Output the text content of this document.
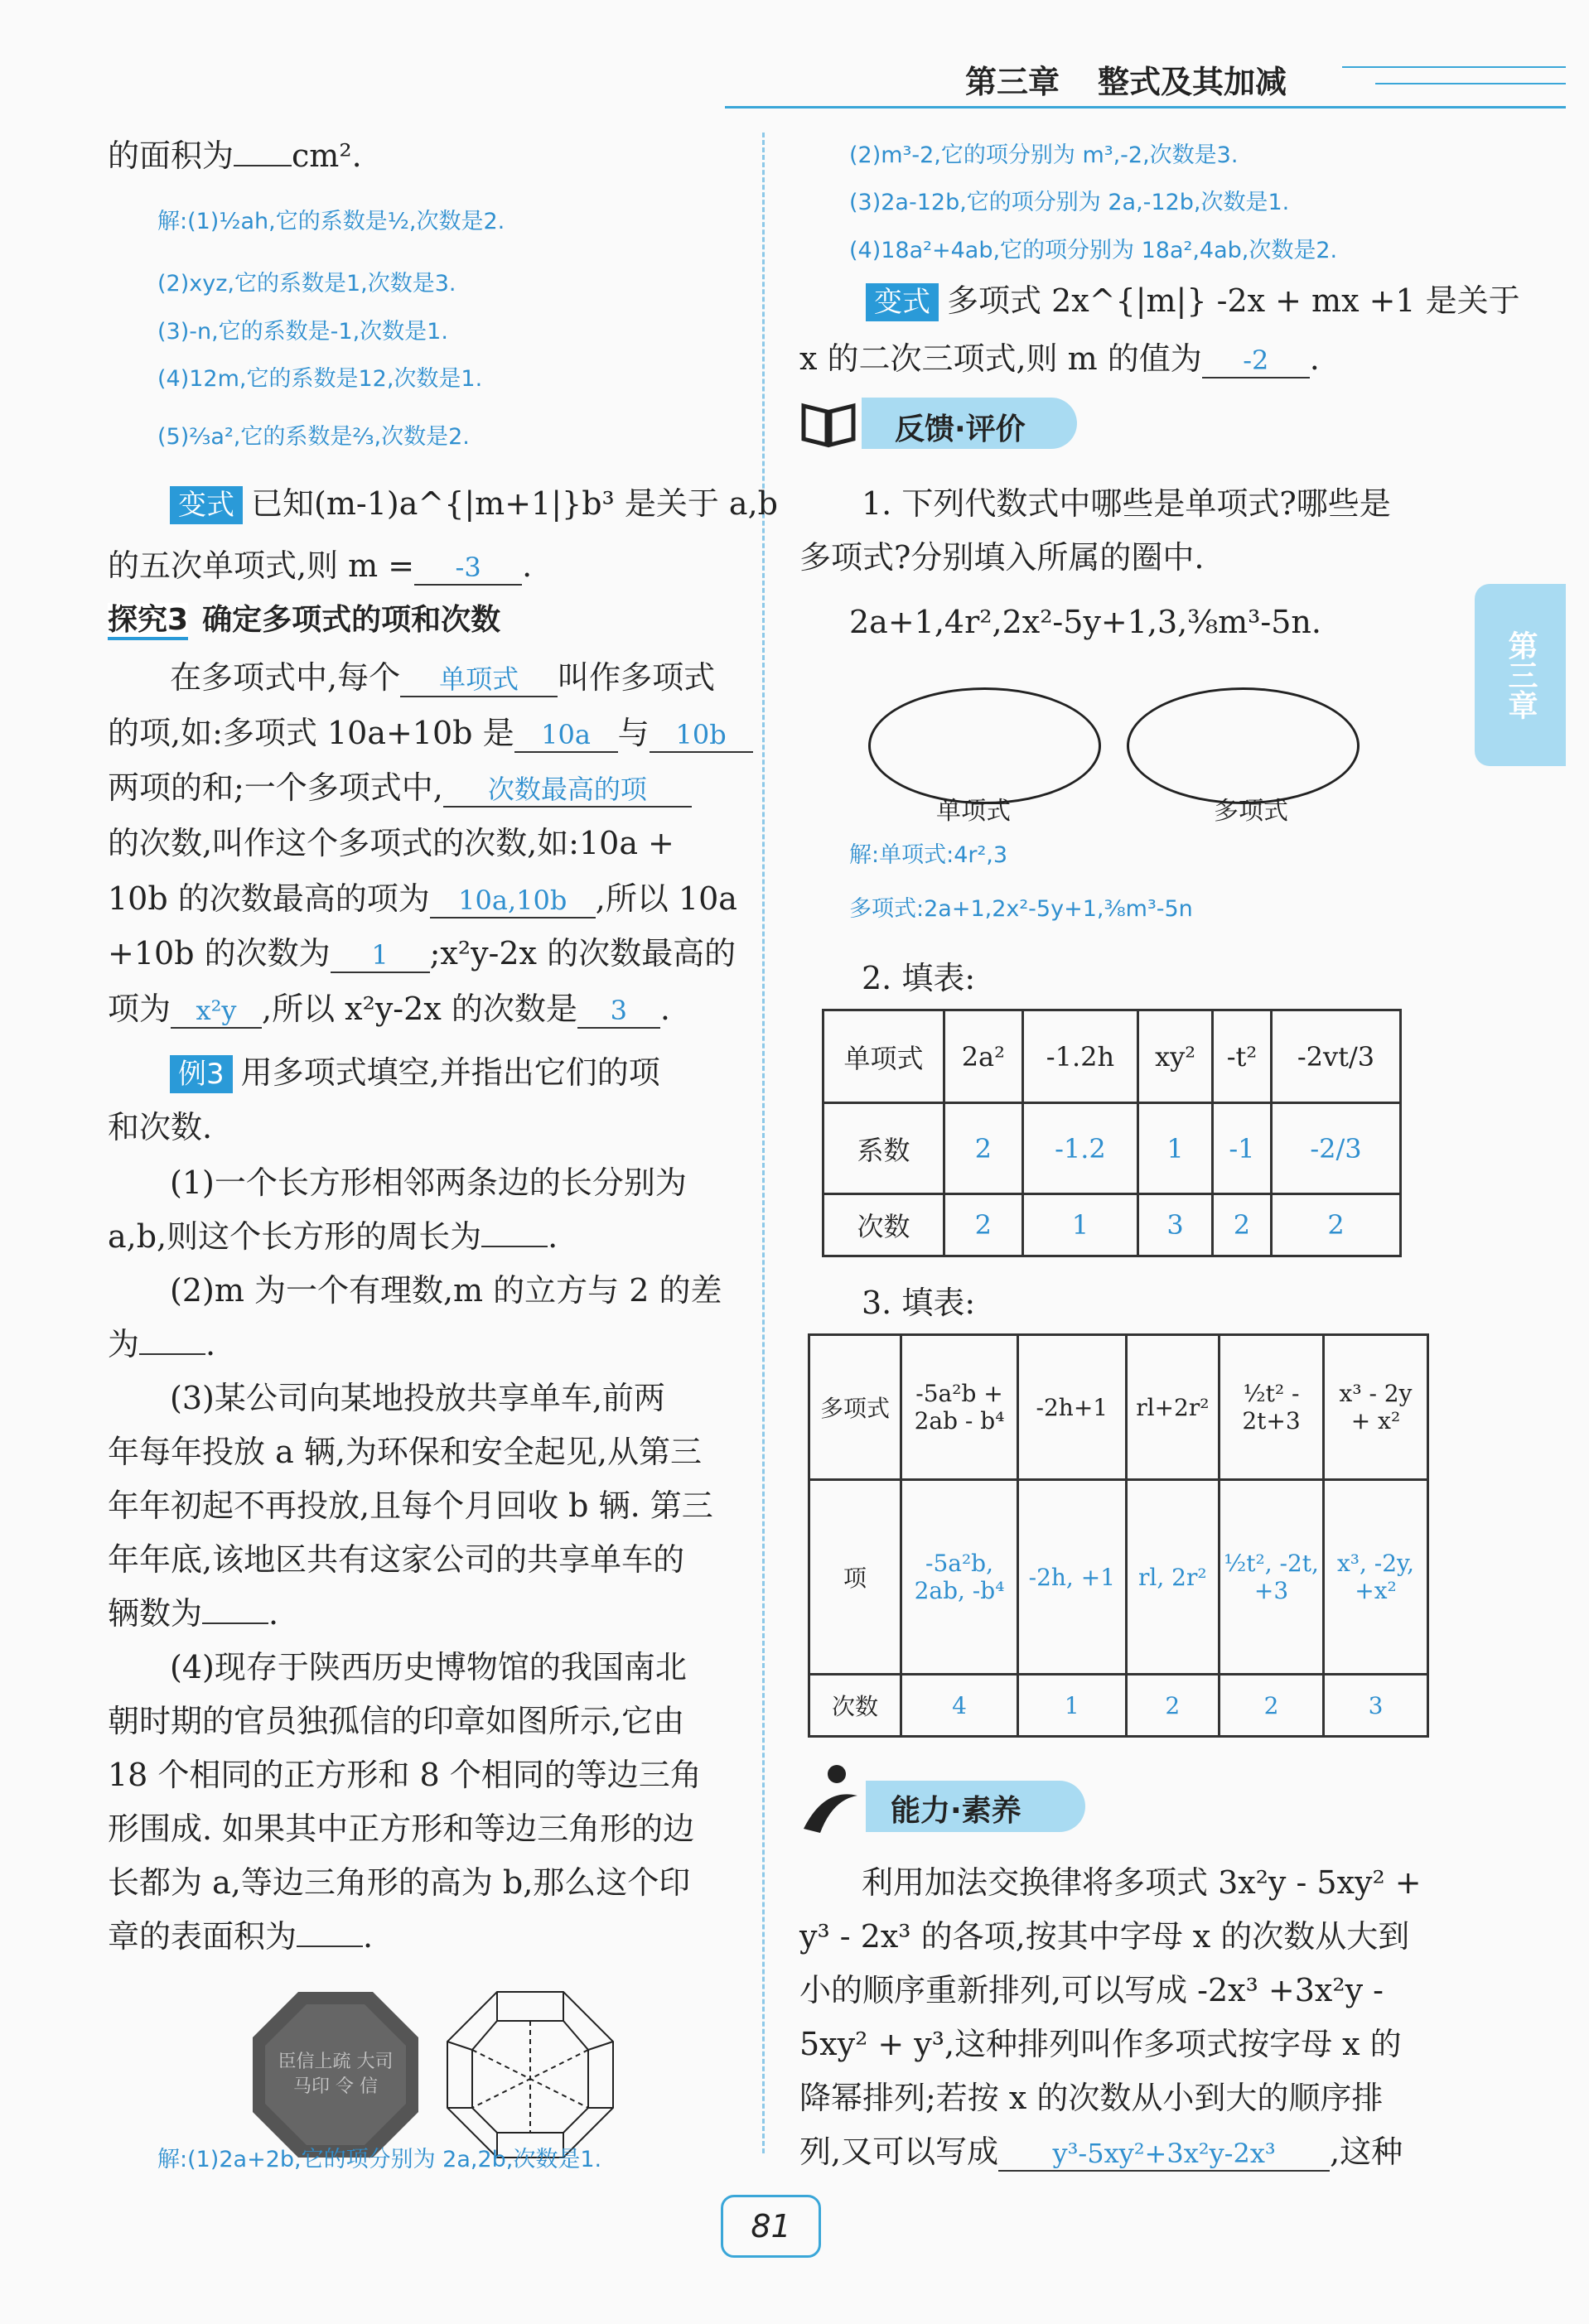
第三章 整式及其加减
第三章
的面积为 cm².
解:(1)½ah,它的系数是½,次数是2.
(2)xyz,它的系数是1,次数是3.
(3)-n,它的系数是-1,次数是1.
(4)12m,它的系数是12,次数是1.
(5)⅔a²,它的系数是⅔,次数是2.
变式 已知(m-1)a^{|m+1|}b³ 是关于 a,b
的五次单项式,则 m = -3 .
探究3 确定多项式的项和次数
在多项式中,每个 单项式 叫作多项式
的项,如:多项式 10a+10b 是 10a 与 10b
两项的和;一个多项式中, 次数最高的项
的次数,叫作这个多项式的次数,如:10a +
10b 的次数最高的项为 10a,10b ,所以 10a
+10b 的次数为 1 ;x²y-2x 的次数最高的
项为 x²y ,所以 x²y-2x 的次数是 3 .
例3 用多项式填空,并指出它们的项
和次数.
(1)一个长方形相邻两条边的长分别为
a,b,则这个长方形的周长为 .
(2)m 为一个有理数,m 的立方与 2 的差
为 .
(3)某公司向某地投放共享单车,前两
年每年投放 a 辆,为环保和安全起见,从第三
年年初起不再投放,且每个月回收 b 辆. 第三
年年底,该地区共有这家公司的共享单车的
辆数为 .
(4)现存于陕西历史博物馆的我国南北
朝时期的官员独孤信的印章如图所示,它由
18 个相同的正方形和 8 个相同的等边三角
形围成. 如果其中正方形和等边三角形的边
长都为 a,等边三角形的高为 b,那么这个印
章的表面积为 .
臣信上疏 大司马印 令 信
解:(1)2a+2b,它的项分别为 2a,2b,次数是1.
(2)m³-2,它的项分别为 m³,-2,次数是3.
(3)2a-12b,它的项分别为 2a,-12b,次数是1.
(4)18a²+4ab,它的项分别为 18a²,4ab,次数是2.
变式 多项式 2x^{|m|} -2x + mx +1 是关于
x 的二次三项式,则 m 的值为 -2 .
反馈·评价
1. 下列代数式中哪些是单项式?哪些是
多项式?分别填入所属的圈中.
2a+1,4r²,2x²-5y+1,3,⅜m³-5n.
单项式	多项式
解:单项式:4r²,3
多项式:2a+1,2x²-5y+1,⅜m³-5n
2. 填表:
单项式	2a²	-1.2h	xy²	-t²	-2vt/3
系数	2	-1.2	1	-1	-2/3
次数	2	1	3	2	2
3. 填表:
多项式	-5a²b + 2ab - b⁴	-2h+1	rl+2r²	½t² - 2t+3	x³ - 2y + x²
项	-5a²b, 2ab, -b⁴	-2h, +1	rl, 2r²	½t², -2t, +3	x³, -2y, +x²
次数	4	1	2	2	3
能力·素养
利用加法交换律将多项式 3x²y - 5xy² +
y³ - 2x³ 的各项,按其中字母 x 的次数从大到
小的顺序重新排列,可以写成 -2x³ +3x²y -
5xy² + y³,这种排列叫作多项式按字母 x 的
降幂排列;若按 x 的次数从小到大的顺序排
列,又可以写成 y³-5xy²+3x²y-2x³ ,这种
81
